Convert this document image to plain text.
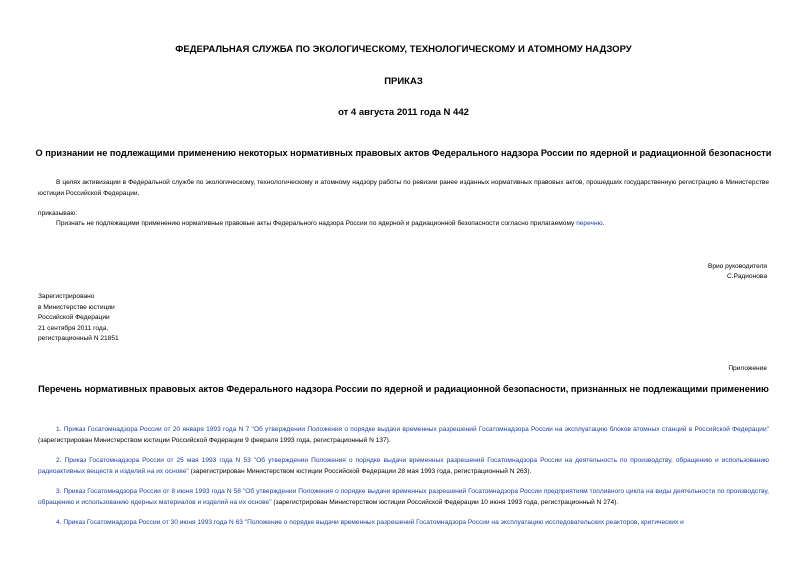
ФЕДЕРАЛЬНАЯ СЛУЖБА ПО ЭКОЛОГИЧЕСКОМУ, ТЕХНОЛОГИЧЕСКОМУ И АТОМНОМУ НАДЗОРУ
ПРИКАЗ
от 4 августа 2011 года N 442
О признании не подлежащими применению некоторых нормативных правовых актов Федерального надзора России по ядерной и радиационной безопасности
В целях активизации в Федеральной службе по экологическому, технологическому и атомному надзору работы по ревизии ранее изданных нормативных правовых актов, прошедших государственную регистрацию в Министерстве юстиции Российской Федерации,
приказываю:
Признать не подлежащими применению нормативные правовые акты Федерального надзора России по ядерной и радиационной безопасности согласно прилагаемому перечню.
Врио руководителя
С.Радионова
Зарегистрировано
в Министерстве юстиции
Российской Федерации
21 сентября 2011 года,
регистрационный N 21851
Приложение
Перечень нормативных правовых актов Федерального надзора России по ядерной и радиационной безопасности, признанных не подлежащими применению
1. Приказ Госатомнадзора России от 20 января 1993 года N 7 "Об утверждении Положения о порядке выдачи временных разрешений Госатомнадзора России на эксплуатацию блоков атомных станций в Российской Федерации" (зарегистрирован Министерством юстиции Российской Федерации 9 февраля 1993 года, регистрационный N 137).
2. Приказ Госатомнадзора России от 25 мая 1993 года N 53 "Об утверждении Положения о порядке выдачи временных разрешений Госатомнадзора России на деятельность по производству, обращению и использованию радиоактивных веществ и изделий на их основе" (зарегистрирован Министерством юстиции Российской Федерации 28 мая 1993 года, регистрационный N 263).
3. Приказ Госатомнадзора России от 8 июня 1993 года N 58 "Об утверждении Положения о порядке выдачи временных разрешений Госатомнадзора России предприятиям топливного цикла на виды деятельности по производству, обращению и использованию ядерных материалов и изделий на их основе" (зарегистрирован Министерством юстиции Российской Федерации 10 июня 1993 года, регистрационный N 274).
4. Приказ Госатомнадзора России от 30 июня 1993 года N 63 "Положение о порядке выдачи временных разрешений Госатомнадзора России на эксплуатацию исследовательских реакторов, критических и
